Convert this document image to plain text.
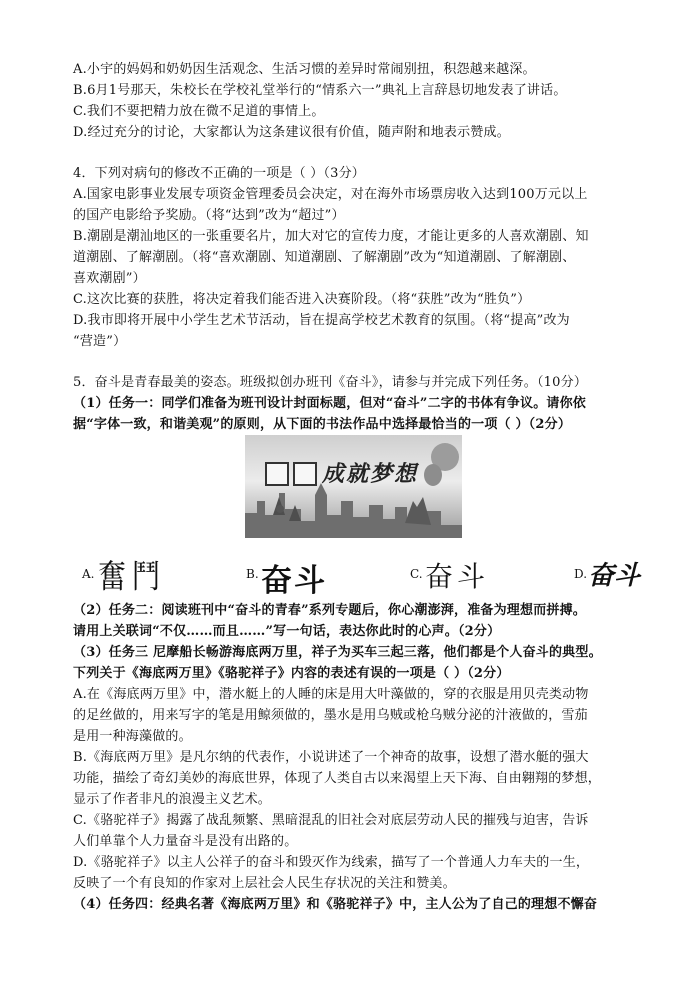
A.小宇的妈妈和奶奶因生活观念、生活习惯的差异时常闹别扭，积怨越来越深。
B.6月1号那天，朱校长在学校礼堂举行的“情系六一”典礼上言辞恳切地发表了讲话。
C.我们不要把精力放在微不足道的事情上。
D.经过充分的讨论，大家都认为这条建议很有价值，随声附和地表示赞成。
4．下列对病句的修改不正确的一项是（ ）（3分）
A.国家电影事业发展专项资金管理委员会决定，对在海外市场票房收入达到100万元以上
的国产电影给予奖励。（将“达到”改为“超过”）
B.潮剧是潮汕地区的一张重要名片，加大对它的宣传力度，才能让更多的人喜欢潮剧、知
道潮剧、了解潮剧。（将“喜欢潮剧、知道潮剧、了解潮剧”改为“知道潮剧、了解潮剧、
喜欢潮剧”）
C.这次比赛的获胜，将决定着我们能否进入决赛阶段。（将“获胜”改为“胜负”）
D.我市即将开展中小学生艺术节活动，旨在提高学校艺术教育的氛围。（将“提高”改为
“营造”）
5．奋斗是青春最美的姿态。班级拟创办班刊《奋斗》，请参与并完成下列任务。（10分）
（1）任务一：同学们准备为班刊设计封面标题，但对“奋斗”二字的书体有争议。请你依
据“字体一致，和谐美观”的原则，从下面的书法作品中选择最恰当的一项（ ）（2分）
成就梦想
A. 奮鬥	B. 奋斗	C. 奋斗	D. 奋斗
（2）任务二：阅读班刊中“奋斗的青春”系列专题后，你心潮澎湃，准备为理想而拼搏。
请用上关联词“不仅……而且……”写一句话，表达你此时的心声。（2分）
（3）任务三 尼摩船长畅游海底两万里，祥子为买车三起三落，他们都是个人奋斗的典型。
下列关于《海底两万里》《骆驼祥子》内容的表述有误的一项是（ ）（2分）
A.在《海底两万里》中，潜水艇上的人睡的床是用大叶藻做的，穿的衣服是用贝壳类动物
的足丝做的，用来写字的笔是用鲸须做的，墨水是用乌贼或枪乌贼分泌的汁液做的，雪茄
是用一种海藻做的。
B.《海底两万里》是凡尔纳的代表作，小说讲述了一个神奇的故事，设想了潜水艇的强大
功能，描绘了奇幻美妙的海底世界，体现了人类自古以来渴望上天下海、自由翱翔的梦想，
显示了作者非凡的浪漫主义艺术。
C.《骆驼祥子》揭露了战乱频繁、黑暗混乱的旧社会对底层劳动人民的摧残与迫害，告诉
人们单靠个人力量奋斗是没有出路的。
D.《骆驼祥子》以主人公祥子的奋斗和毁灭作为线索，描写了一个普通人力车夫的一生，
反映了一个有良知的作家对上层社会人民生存状况的关注和赞美。
（4）任务四：经典名著《海底两万里》和《骆驼祥子》中，主人公为了自己的理想不懈奋
